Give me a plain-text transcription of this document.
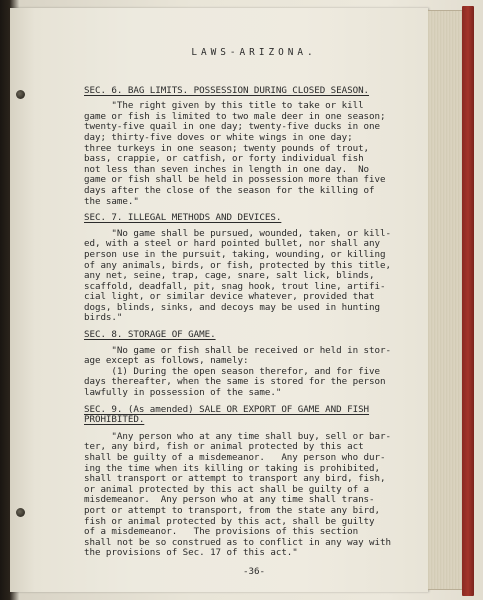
LAWS-ARIZONA.
SEC. 6. BAG LIMITS. POSSESSION DURING CLOSED SEASON.
"The right given by this title to take or kill
game or fish is limited to two male deer in one season;
twenty-five quail in one day; twenty-five ducks in one
day; thirty-five doves or white wings in one day;
three turkeys in one season; twenty pounds of trout,
bass, crappie, or catfish, or forty individual fish
not less than seven inches in length in one day.  No
game or fish shall be held in possession more than five
days after the close of the season for the killing of
the same."
SEC. 7. ILLEGAL METHODS AND DEVICES.
"No game shall be pursued, wounded, taken, or kill-
ed, with a steel or hard pointed bullet, nor shall any
person use in the pursuit, taking, wounding, or killing
of any animals, birds, or fish, protected by this title,
any net, seine, trap, cage, snare, salt lick, blinds,
scaffold, deadfall, pit, snag hook, trout line, artifi-
cial light, or similar device whatever, provided that
dogs, blinds, sinks, and decoys may be used in hunting
birds."
SEC. 8. STORAGE OF GAME.
"No game or fish shall be received or held in stor-
age except as follows, namely:
(1) During the open season therefor, and for five
days thereafter, when the same is stored for the person
lawfully in possession of the same."
SEC. 9. (As amended) SALE OR EXPORT OF GAME AND FISH
PROHIBITED.
"Any person who at any time shall buy, sell or bar-
ter, any bird, fish or animal protected by this act
shall be guilty of a misdemeanor.   Any person who dur-
ing the time when its killing or taking is prohibited,
shall transport or attempt to transport any bird, fish,
or animal protected by this act shall be guilty of a
misdemeanor.  Any person who at any time shall trans-
port or attempt to transport, from the state any bird,
fish or animal protected by this act, shall be guilty
of a misdemeanor.   The provisions of this section
shall not be so construed as to conflict in any way with
the provisions of Sec. 17 of this act."
-36-
